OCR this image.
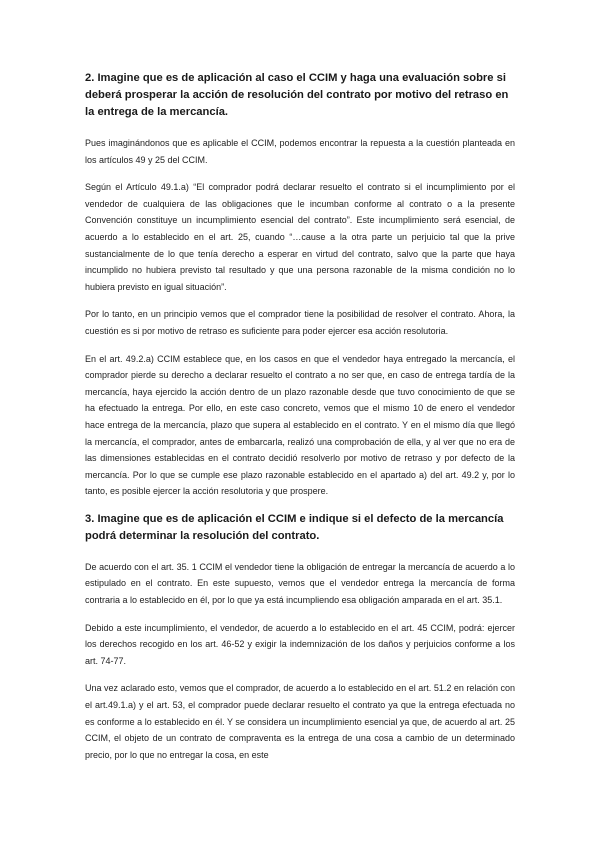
2. Imagine que es de aplicación al caso el CCIM y haga una evaluación sobre si deberá prosperar la acción de resolución del contrato por motivo del retraso en la entrega de la mercancía.

Pues imaginándonos que es aplicable el CCIM, podemos encontrar la repuesta a la cuestión planteada en los artículos 49 y 25 del CCIM.

Según el Artículo 49.1.a) “El comprador podrá declarar resuelto el contrato si el incumplimiento por el vendedor de cualquiera de las obligaciones que le incumban conforme al contrato o a la presente Convención constituye un incumplimiento esencial del contrato”. Este incumplimiento será esencial, de acuerdo a lo establecido en el art. 25, cuando “…cause a la otra parte un perjuicio tal que la prive sustancialmente de lo que tenía derecho a esperar en virtud del contrato, salvo que la parte que haya incumplido no hubiera previsto tal resultado y que una persona razonable de la misma condición no lo hubiera previsto en igual situación”.

Por lo tanto, en un principio vemos que el comprador tiene la posibilidad de resolver el contrato. Ahora, la cuestión es si por motivo de retraso es suficiente para poder ejercer esa acción resolutoria.

En el art. 49.2.a) CCIM establece que, en los casos en que el vendedor haya entregado la mercancía, el comprador pierde su derecho a declarar resuelto el contrato a no ser que, en caso de entrega tardía de la mercancía, haya ejercido la acción dentro de un plazo razonable desde que tuvo conocimiento de que se ha efectuado la entrega. Por ello, en este caso concreto, vemos que el mismo 10 de enero el vendedor hace entrega de la mercancía, plazo que supera al establecido en el contrato. Y en el mismo día que llegó la mercancía, el comprador, antes de embarcarla, realizó una comprobación de ella, y al ver que no era de las dimensiones establecidas en el contrato decidió resolverlo por motivo de retraso y por defecto de la mercancía. Por lo que se cumple ese plazo razonable establecido en el apartado a) del art. 49.2 y, por lo tanto, es posible ejercer la acción resolutoria y que prospere.

3. Imagine que es de aplicación el CCIM e indique si el defecto de la mercancía podrá determinar la resolución del contrato.

De acuerdo con el art. 35. 1 CCIM el vendedor tiene la obligación de entregar la mercancía de acuerdo a lo estipulado en el contrato. En este supuesto, vemos que el vendedor entrega la mercancía de forma contraria a lo establecido en él, por lo que ya está incumpliendo esa obligación amparada en el art. 35.1.

Debido a este incumplimiento, el vendedor, de acuerdo a lo establecido en el art. 45 CCIM, podrá: ejercer los derechos recogido en los art. 46-52 y exigir la indemnización de los daños y perjuicios conforme a los art. 74-77.

Una vez aclarado esto, vemos que el comprador, de acuerdo a lo establecido en el art. 51.2 en relación con el art.49.1.a) y el art. 53, el comprador puede declarar resuelto el contrato ya que la entrega efectuada no es conforme a lo establecido en él. Y se considera un incumplimiento esencial ya que, de acuerdo al art. 25 CCIM, el objeto de un contrato de compraventa es la entrega de una cosa a cambio de un determinado precio, por lo que no entregar la cosa, en este
